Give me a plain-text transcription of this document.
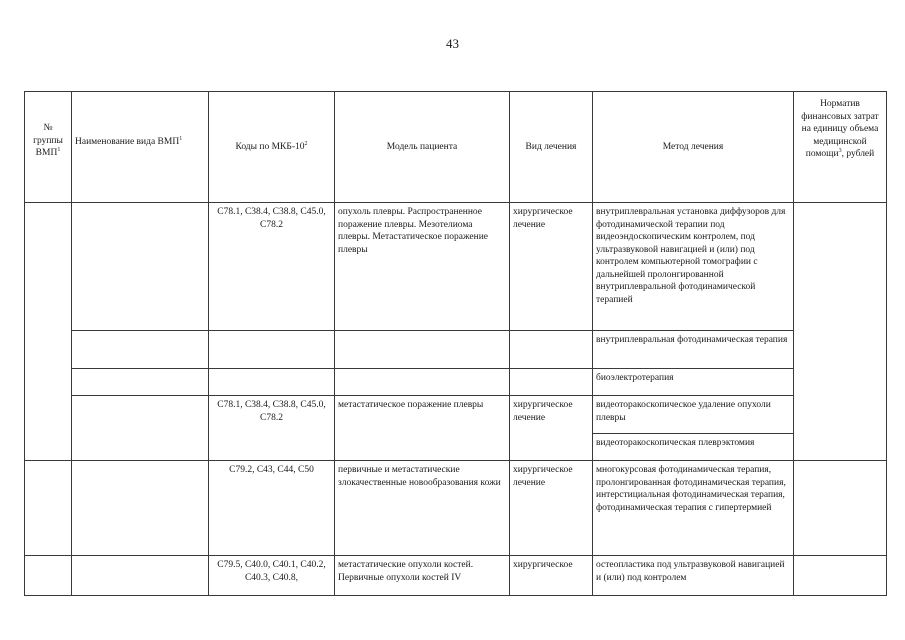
43
№ группы ВМП$^1$	Наименование вида ВМП$^1$	Коды по МКБ-$10^2$	Модель пациента	Вид лечения	Метод лечения	Норматив финансовых затрат на единицу объема медицинской помощи$^3$, рублей
		C78.1, C38.4, C38.8, C45.0, C78.2	опухоль плевры. Распространенное поражение плевры. Мезотелиома плевры. Метастатическое поражение плевры	хирургическое лечение	внутриплевральная установка диффузоров для фотодинамической терапии под видеоэндоскопическим контролем, под ультразвуковой навигацией и (или) под контролем компьютерной томографии с дальнейшей пролонгированной внутриплевральной фотодинамической терапией	
					внутриплевральная фотодинамическая терапия	
					биоэлектротерапия	
		C78.1, C38.4, C38.8, C45.0, C78.2	метастатическое поражение плевры	хирургическое лечение	видеоторакоскопическое удаление опухоли плевры	
					видеоторакоскопическая плеврэктомия	
		C79.2, C43, C44, C50	первичные и метастатические злокачественные новообразования кожи	хирургическое лечение	многокурсовая фотодинамическая терапия, пролонгированная фотодинамическая терапия, интерстициальная фотодинамическая терапия, фотодинамическая терапия с гипертермией	
		C79.5, C40.0, C40.1, C40.2, C40.3, C40.8,	метастатические опухоли костей. Первичные опухоли костей IV	хирургическое	остеопластика под ультразвуковой навигацией и (или) под контролем	
